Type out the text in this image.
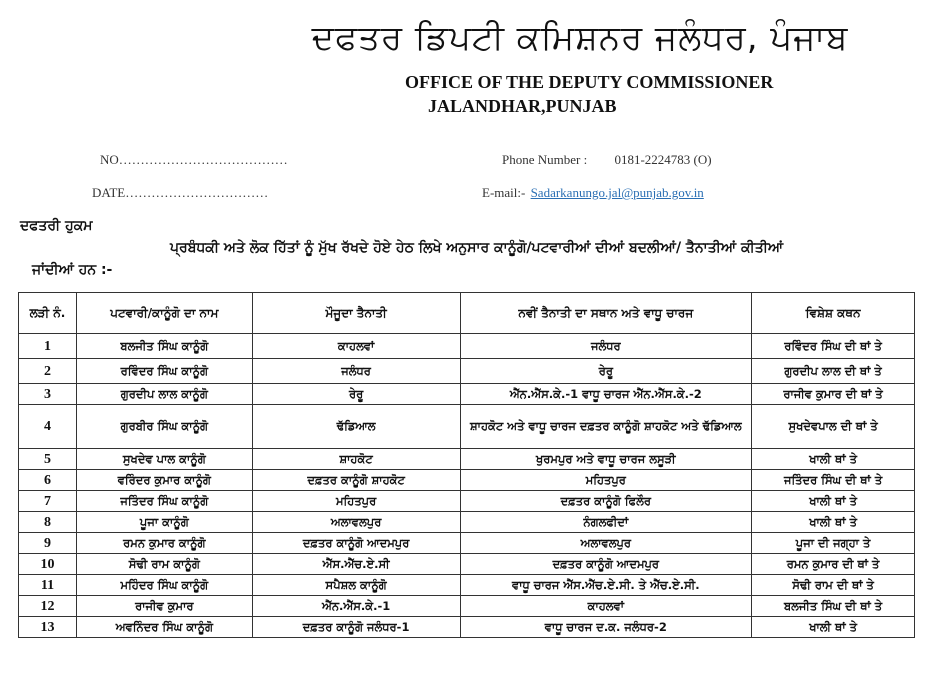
ਦਫਤਰ ਡਿਪਟੀ ਕਮਿਸ਼ਨਰ ਜਲੰਧਰ, ਪੰਜਾਬ
OFFICE OF THE DEPUTY COMMISSIONER
JALANDHAR,PUNJAB
NO…………………………………
DATE……………………………
Phone Number : 0181-2224783 (O)
E-mail:- Sadarkanungo.jal@punjab.gov.in
ਦਫਤਰੀ ਹੁਕਮ
ਪ੍ਰਬੰਧਕੀ ਅਤੇ ਲੋਕ ਹਿੱਤਾਂ ਨੂੰ ਮੁੱਖ ਰੱਖਦੇ ਹੋਏ ਹੇਠ ਲਿਖੇ ਅਨੁਸਾਰ ਕਾਨੂੰਗੋ/ਪਟਵਾਰੀਆਂ ਦੀਆਂ ਬਦਲੀਆਂ/ ਤੈਨਾਤੀਆਂ ਕੀਤੀਆਂ
ਜਾਂਦੀਆਂ ਹਨ :-
ਲੜੀ ਨੰ.	ਪਟਵਾਰੀ/ਕਾਨੂੰਗੋ ਦਾ ਨਾਮ	ਮੌਜੂਦਾ ਤੈਨਾਤੀ	ਨਵੀਂ ਤੈਨਾਤੀ ਦਾ ਸਥਾਨ ਅਤੇ ਵਾਧੂ ਚਾਰਜ	ਵਿਸ਼ੇਸ਼ ਕਥਨ
1	ਬਲਜੀਤ ਸਿੰਘ ਕਾਨੂੰਗੋ	ਕਾਹਲਵਾਂ	ਜਲੰਧਰ	ਰਵਿੰਦਰ ਸਿੰਘ ਦੀ ਥਾਂ ਤੇ
2	ਰਵਿੰਦਰ ਸਿੰਘ ਕਾਨੂੰਗੋ	ਜਲੰਧਰ	ਰੇਰੂ	ਗੁਰਦੀਪ ਲਾਲ ਦੀ ਥਾਂ ਤੇ
3	ਗੁਰਦੀਪ ਲਾਲ ਕਾਨੂੰਗੋ	ਰੇਰੂ	ਐੱਨ.ਐੱਸ.ਕੇ.-1 ਵਾਧੂ ਚਾਰਜ ਐੱਨ.ਐੱਸ.ਕੇ.-2	ਰਾਜੀਵ ਕੁਮਾਰ ਦੀ ਥਾਂ ਤੇ
4	ਗੁਰਬੀਰ ਸਿੰਘ ਕਾਨੂੰਗੋ	ਢੱਡਿਆਲ	ਸ਼ਾਹਕੋਟ ਅਤੇ ਵਾਧੂ ਚਾਰਜ ਦਫ਼ਤਰ ਕਾਨੂੰਗੋ ਸ਼ਾਹਕੋਟ ਅਤੇ ਢੱਡਿਆਲ	ਸੁਖਦੇਵਪਾਲ ਦੀ ਥਾਂ ਤੇ
5	ਸੁਖਦੇਵ ਪਾਲ ਕਾਨੂੰਗੋ	ਸ਼ਾਹਕੋਟ	ਖੁਰਮਪੁਰ ਅਤੇ ਵਾਧੂ ਚਾਰਜ ਲਸੂੜੀ	ਖਾਲੀ ਥਾਂ ਤੇ
6	ਵਰਿੰਦਰ ਕੁਮਾਰ ਕਾਨੂੰਗੋ	ਦਫ਼ਤਰ ਕਾਨੂੰਗੋ ਸ਼ਾਹਕੋਟ	ਮਹਿਤਪੁਰ	ਜਤਿੰਦਰ ਸਿੰਘ ਦੀ ਥਾਂ ਤੇ
7	ਜਤਿੰਦਰ ਸਿੰਘ ਕਾਨੂੰਗੋ	ਮਹਿਤਪੁਰ	ਦਫ਼ਤਰ ਕਾਨੂੰਗੋ ਫਿਲੌਰ	ਖਾਲੀ ਥਾਂ ਤੇ
8	ਪੂਜਾ ਕਾਨੂੰਗੋ	ਅਲਾਵਲਪੁਰ	ਨੰਗਲਫੀਦਾਂ	ਖਾਲੀ ਥਾਂ ਤੇ
9	ਰਮਨ ਕੁਮਾਰ ਕਾਨੂੰਗੋ	ਦਫ਼ਤਰ ਕਾਨੂੰਗੋ ਆਦਮਪੁਰ	ਅਲਾਵਲਪੁਰ	ਪੂਜਾ ਦੀ ਜਗ੍ਹਾ ਤੇ
10	ਸੋਢੀ ਰਾਮ ਕਾਨੂੰਗੋ	ਐੱਸ.ਐੱਚ.ਏ.ਸੀ	ਦਫ਼ਤਰ ਕਾਨੂੰਗੋ ਆਦਮਪੁਰ	ਰਮਨ ਕੁਮਾਰ ਦੀ ਥਾਂ ਤੇ
11	ਮਹਿੰਦਰ ਸਿੰਘ ਕਾਨੂੰਗੋ	ਸਪੈਸ਼ਲ ਕਾਨੂੰਗੋ	ਵਾਧੂ ਚਾਰਜ ਐੱਸ.ਐੱਚ.ਏ.ਸੀ. ਤੇ ਐੱਚ.ਏ.ਸੀ.	ਸੋਢੀ ਰਾਮ ਦੀ ਥਾਂ ਤੇ
12	ਰਾਜੀਵ ਕੁਮਾਰ	ਐੱਨ.ਐੱਸ.ਕੇ.-1	ਕਾਹਲਵਾਂ	ਬਲਜੀਤ ਸਿੰਘ ਦੀ ਥਾਂ ਤੇ
13	ਅਵਨਿੰਦਰ ਸਿੰਘ ਕਾਨੂੰਗੋ	ਦਫ਼ਤਰ ਕਾਨੂੰਗੋ ਜਲੰਧਰ-1	ਵਾਧੂ ਚਾਰਜ ਦ.ਕ. ਜਲੰਧਰ-2	ਖਾਲੀ ਥਾਂ ਤੇ
